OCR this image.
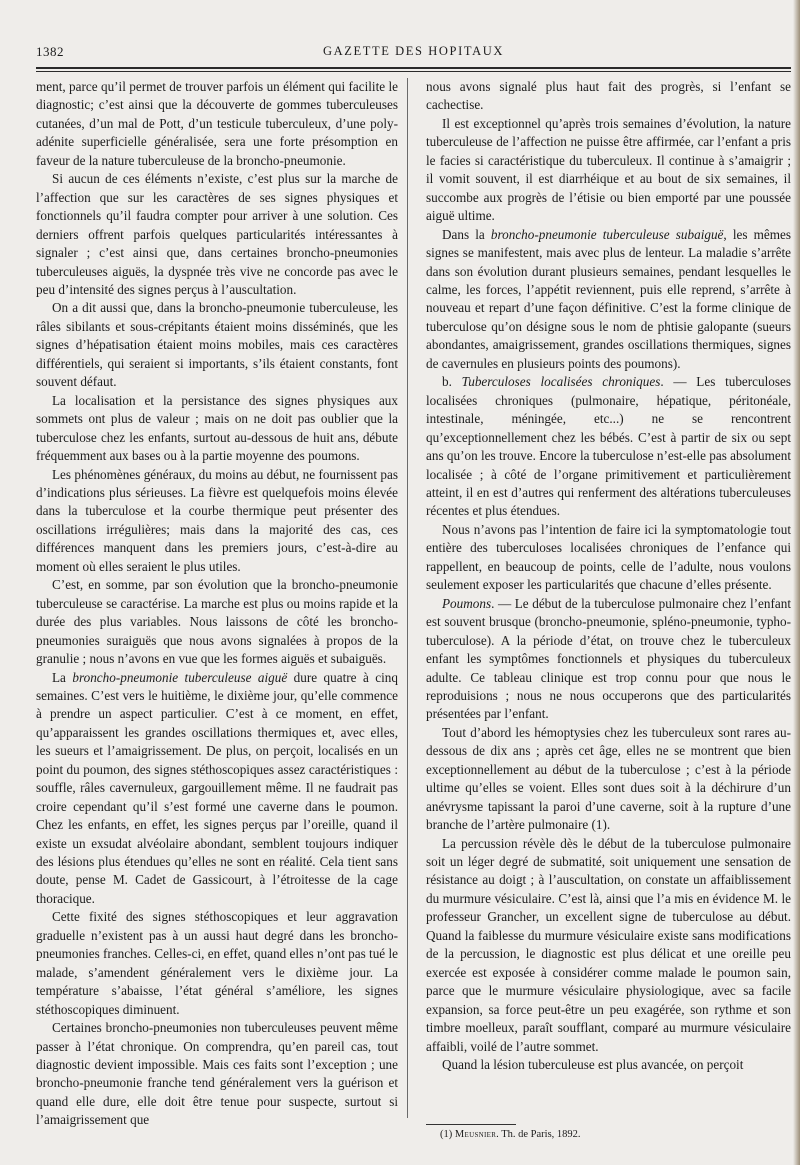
1382	GAZETTE DES HOPITAUX

ment, parce qu’il permet de trouver parfois un élément qui facilite le diagnostic; c’est ainsi que la découverte de gommes tuberculeuses cutanées, d’un mal de Pott, d’un testicule tuberculeux, d’une poly-adénite superficielle généralisée, sera une forte présomption en faveur de la nature tuberculeuse de la broncho-pneumonie.

Si aucun de ces éléments n’existe, c’est plus sur la marche de l’affection que sur les caractères de ses signes physiques et fonctionnels qu’il faudra compter pour arriver à une solution. Ces derniers offrent parfois quelques particularités intéressantes à signaler ; c’est ainsi que, dans certaines broncho-pneumonies tuberculeuses aiguës, la dyspnée très vive ne concorde pas avec le peu d’intensité des signes perçus à l’auscultation.

On a dit aussi que, dans la broncho-pneumonie tuberculeuse, les râles sibilants et sous-crépitants étaient moins disséminés, que les signes d’hépatisation étaient moins mobiles, mais ces caractères différentiels, qui seraient si importants, s’ils étaient constants, font souvent défaut.

La localisation et la persistance des signes physiques aux sommets ont plus de valeur ; mais on ne doit pas oublier que la tuberculose chez les enfants, surtout au-dessous de huit ans, débute fréquemment aux bases ou à la partie moyenne des poumons.

Les phénomènes généraux, du moins au début, ne fournissent pas d’indications plus sérieuses. La fièvre est quelquefois moins élevée dans la tuberculose et la courbe thermique peut présenter des oscillations irrégulières; mais dans la majorité des cas, ces différences manquent dans les premiers jours, c’est-à-dire au moment où elles seraient le plus utiles.

C’est, en somme, par son évolution que la broncho-pneumonie tuberculeuse se caractérise. La marche est plus ou moins rapide et la durée des plus variables. Nous laissons de côté les broncho-pneumonies suraiguës que nous avons signalées à propos de la granulie ; nous n’avons en vue que les formes aiguës et subaiguës.

La broncho-pneumonie tuberculeuse aiguë dure quatre à cinq semaines. C’est vers le huitième, le dixième jour, qu’elle commence à prendre un aspect particulier. C’est à ce moment, en effet, qu’apparaissent les grandes oscillations thermiques et, avec elles, les sueurs et l’amaigrissement. De plus, on perçoit, localisés en un point du poumon, des signes stéthoscopiques assez caractéristiques : souffle, râles cavernuleux, gargouillement même. Il ne faudrait pas croire cependant qu’il s’est formé une caverne dans le poumon. Chez les enfants, en effet, les signes perçus par l’oreille, quand il existe un exsudat alvéolaire abondant, semblent toujours indiquer des lésions plus étendues qu’elles ne sont en réalité. Cela tient sans doute, pense M. Cadet de Gassicourt, à l’étroitesse de la cage thoracique.

Cette fixité des signes stéthoscopiques et leur aggravation graduelle n’existent pas à un aussi haut degré dans les broncho-pneumonies franches. Celles-ci, en effet, quand elles n’ont pas tué le malade, s’amendent généralement vers le dixième jour. La température s’abaisse, l’état général s’améliore, les signes stéthoscopiques diminuent.

Certaines broncho-pneumonies non tuberculeuses peuvent même passer à l’état chronique. On comprendra, qu’en pareil cas, tout diagnostic devient impossible. Mais ces faits sont l’exception ; une broncho-pneumonie franche tend généralement vers la guérison et quand elle dure, elle doit être tenue pour suspecte, surtout si l’amaigrissement que

nous avons signalé plus haut fait des progrès, si l’enfant se cachectise.

Il est exceptionnel qu’après trois semaines d’évolution, la nature tuberculeuse de l’affection ne puisse être affirmée, car l’enfant a pris le facies si caractéristique du tuberculeux. Il continue à s’amaigrir ; il vomit souvent, il est diarrhéique et au bout de six semaines, il succombe aux progrès de l’étisie ou bien emporté par une poussée aiguë ultime.

Dans la broncho-pneumonie tuberculeuse subaiguë, les mêmes signes se manifestent, mais avec plus de lenteur. La maladie s’arrête dans son évolution durant plusieurs semaines, pendant lesquelles le calme, les forces, l’appétit reviennent, puis elle reprend, s’arrête à nouveau et repart d’une façon définitive. C’est la forme clinique de tuberculose qu’on désigne sous le nom de phtisie galopante (sueurs abondantes, amaigrissement, grandes oscillations thermiques, signes de cavernules en plusieurs points des poumons).

b. Tuberculoses localisées chroniques. — Les tuberculoses localisées chroniques (pulmonaire, hépatique, péritonéale, intestinale, méningée, etc...) ne se rencontrent qu’exceptionnellement chez les bébés. C’est à partir de six ou sept ans qu’on les trouve. Encore la tuberculose n’est-elle pas absolument localisée ; à côté de l’organe primitivement et particulièrement atteint, il en est d’autres qui renferment des altérations tuberculeuses récentes et plus étendues.

Nous n’avons pas l’intention de faire ici la symptomatologie tout entière des tuberculoses localisées chroniques de l’enfance qui rappellent, en beaucoup de points, celle de l’adulte, nous voulons seulement exposer les particularités que chacune d’elles présente.

Poumons. — Le début de la tuberculose pulmonaire chez l’enfant est souvent brusque (broncho-pneumonie, spléno-pneumonie, typho-tuberculose). A la période d’état, on trouve chez le tuberculeux enfant les symptômes fonctionnels et physiques du tuberculeux adulte. Ce tableau clinique est trop connu pour que nous le reproduisions ; nous ne nous occuperons que des particularités présentées par l’enfant.

Tout d’abord les hémoptysies chez les tuberculeux sont rares au-dessous de dix ans ; après cet âge, elles ne se montrent que bien exceptionnellement au début de la tuberculose ; c’est à la période ultime qu’elles se voient. Elles sont dues soit à la déchirure d’un anévrysme tapissant la paroi d’une caverne, soit à la rupture d’une branche de l’artère pulmonaire (1).

La percussion révèle dès le début de la tuberculose pulmonaire soit un léger degré de submatité, soit uniquement une sensation de résistance au doigt ; à l’auscultation, on constate un affaiblissement du murmure vésiculaire. C’est là, ainsi que l’a mis en évidence M. le professeur Grancher, un excellent signe de tuberculose au début. Quand la faiblesse du murmure vésiculaire existe sans modifications de la percussion, le diagnostic est plus délicat et une oreille peu exercée est exposée à considérer comme malade le poumon sain, parce que le murmure vésiculaire physiologique, avec sa facile expansion, sa force peut-être un peu exagérée, son rythme et son timbre moelleux, paraît soufflant, comparé au murmure vésiculaire affaibli, voilé de l’autre sommet.

Quand la lésion tuberculeuse est plus avancée, on perçoit

(1) Meusnier. Th. de Paris, 1892.
